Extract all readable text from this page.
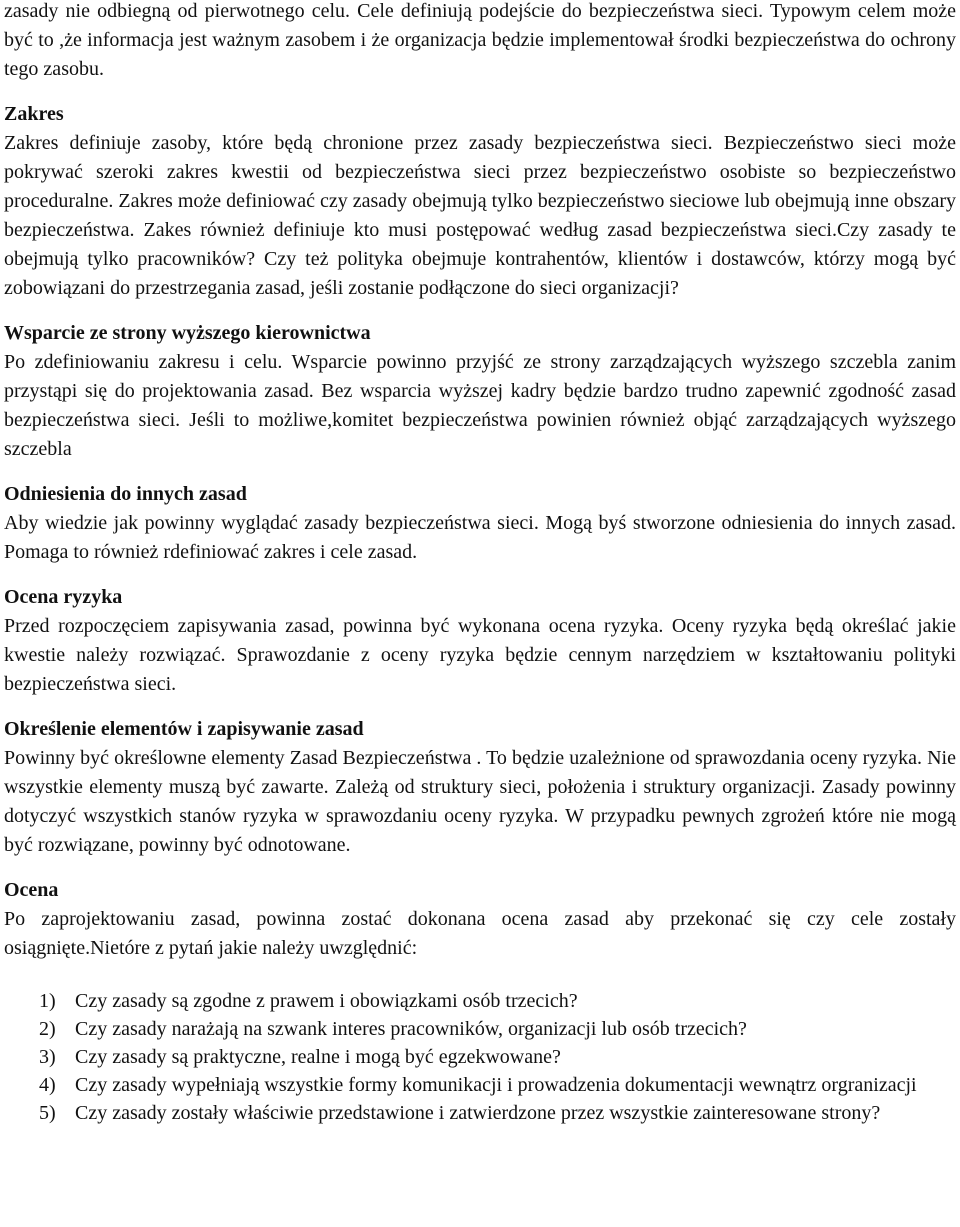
zasady nie odbiegną od pierwotnego celu. Cele definiują podejście do bezpieczeństwa sieci. Typowym celem może być to ,że informacja jest ważnym zasobem i że organizacja będzie implementował środki bezpieczeństwa do ochrony tego zasobu.

Zakres

Zakres definiuje zasoby, które będą chronione przez zasady bezpieczeństwa sieci. Bezpieczeństwo sieci może pokrywać szeroki zakres kwestii od bezpieczeństwa sieci przez bezpieczeństwo osobiste so bezpieczeństwo proceduralne. Zakres może definiować czy zasady obejmują tylko bezpieczeństwo sieciowe lub obejmują inne obszary bezpieczeństwa. Zakes również definiuje kto musi postępować według zasad bezpieczeństwa sieci.Czy zasady te obejmują tylko pracowników? Czy też polityka obejmuje kontrahentów, klientów i dostawców, którzy mogą być zobowiązani do przestrzegania zasad, jeśli zostanie podłączone do sieci organizacji?

Wsparcie ze strony wyższego kierownictwa

Po zdefiniowaniu zakresu i celu. Wsparcie powinno przyjść ze strony zarządzających wyższego szczebla zanim przystąpi się do projektowania zasad. Bez wsparcia wyższej kadry będzie bardzo trudno zapewnić zgodność zasad bezpieczeństwa sieci. Jeśli to możliwe,komitet bezpieczeństwa powinien również objąć zarządzających wyższego szczebla

Odniesienia do innych zasad

Aby wiedzie jak powinny wyglądać zasady bezpieczeństwa sieci. Mogą byś stworzone odniesienia do innych zasad. Pomaga to również rdefiniować zakres i cele zasad.

Ocena ryzyka

Przed rozpoczęciem zapisywania zasad, powinna być wykonana ocena ryzyka. Oceny ryzyka będą określać jakie kwestie należy rozwiązać. Sprawozdanie z oceny ryzyka będzie cennym narzędziem w kształtowaniu polityki bezpieczeństwa sieci.

Określenie elementów i zapisywanie zasad

Powinny być określowne elementy Zasad Bezpieczeństwa . To będzie uzależnione od sprawozdania oceny ryzyka. Nie wszystkie elementy muszą być zawarte. Zależą od struktury sieci, położenia i struktury organizacji. Zasady powinny dotyczyć wszystkich stanów ryzyka w sprawozdaniu oceny ryzyka. W przypadku pewnych zgrożeń które nie mogą być rozwiązane, powinny być odnotowane.

Ocena

Po zaprojektowaniu zasad, powinna zostać dokonana ocena zasad aby przekonać się czy cele zostały osiągnięte.Nietóre z pytań jakie należy uwzględnić:

1) Czy zasady są zgodne z prawem i obowiązkami osób trzecich?
2) Czy zasady narażają na szwank interes pracowników, organizacji lub osób trzecich?
3) Czy zasady są praktyczne, realne i mogą być egzekwowane?
4) Czy zasady wypełniają wszystkie formy komunikacji i prowadzenia dokumentacji wewnątrz orgranizacji
5) Czy zasady zostały właściwie przedstawione i zatwierdzone przez wszystkie zainteresowane strony?
